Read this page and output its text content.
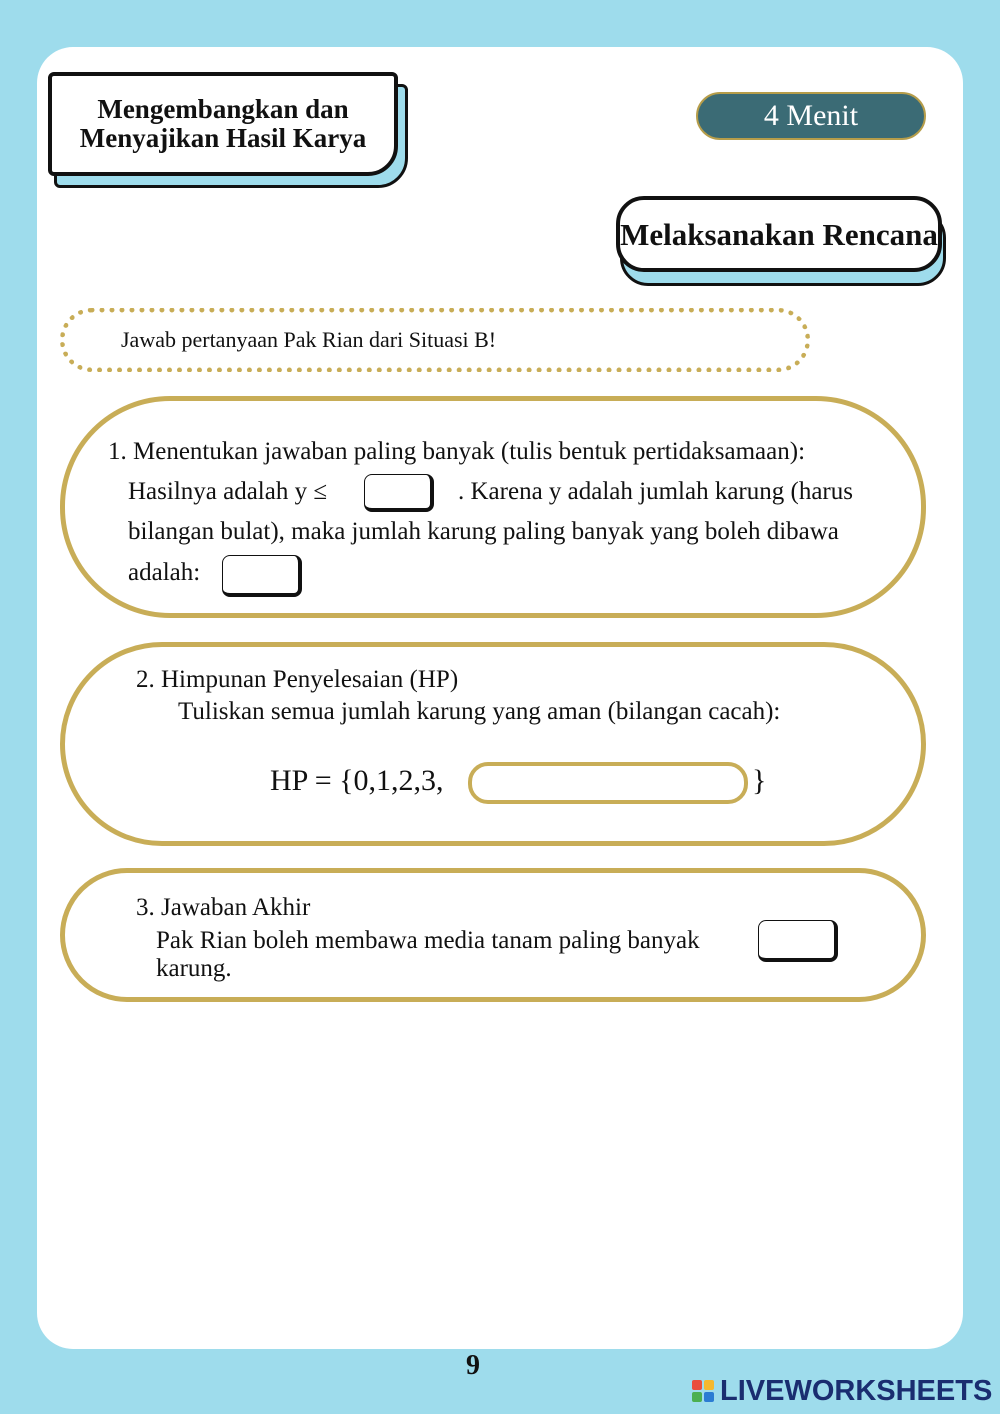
Mengembangkan dan Menyajikan Hasil Karya
4 Menit
Melaksanakan Rencana
Jawab pertanyaan Pak Rian dari Situasi B!
1. Menentukan jawaban paling banyak (tulis bentuk pertidaksamaan):
Hasilnya adalah y ≤	. Karena y adalah jumlah karung (harus
bilangan bulat), maka jumlah karung paling banyak yang boleh dibawa
adalah:
2. Himpunan Penyelesaian (HP)
Tuliskan semua jumlah karung yang aman (bilangan cacah):
HP = {0,1,2,3,	}
3. Jawaban Akhir
Pak Rian boleh membawa media tanam paling banyak
karung.
9
LIVEWORKSHEETS
